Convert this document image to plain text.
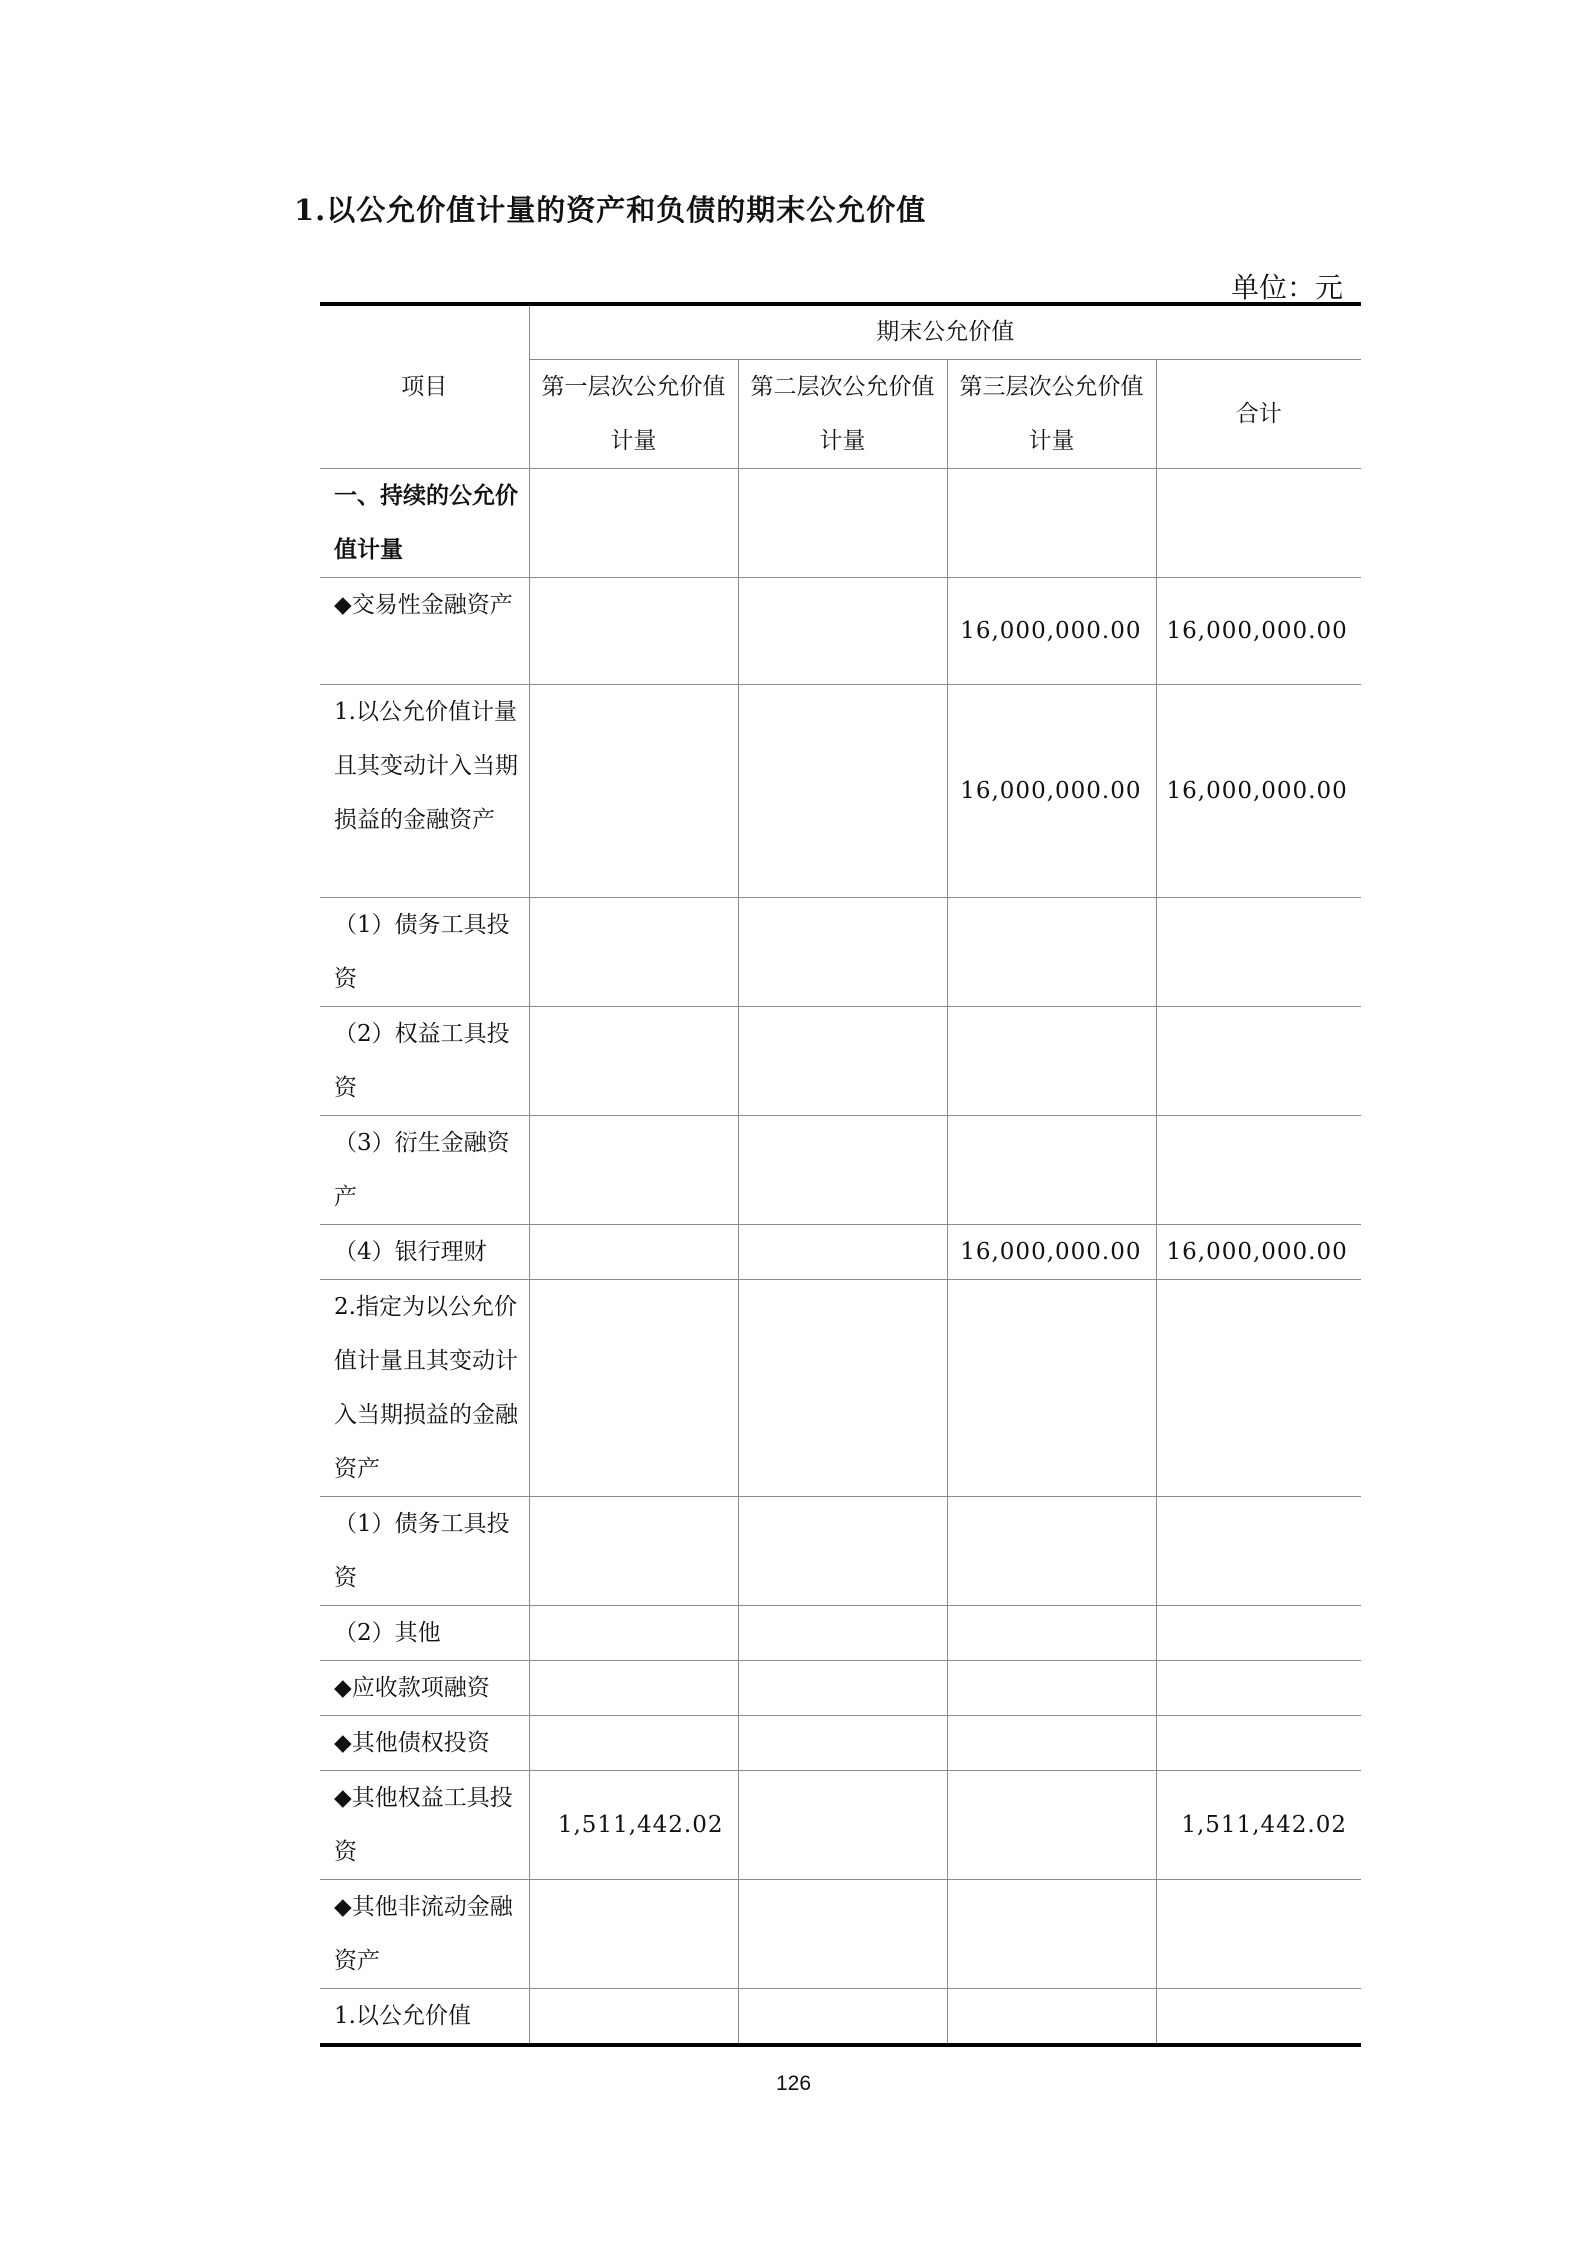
1.以公允价值计量的资产和负债的期末公允价值
单位：元
项目	期末公允价值			
	第一层次公允价值计量	第二层次公允价值计量	第三层次公允价值计量	合计
一、持续的公允价值计量				
◆交易性金融资产			16,000,000.00	16,000,000.00
1.以公允价值计量且其变动计入当期损益的金融资产			16,000,000.00	16,000,000.00
（1）债务工具投资				
（2）权益工具投资				
（3）衍生金融资产				
（4）银行理财			16,000,000.00	16,000,000.00
2.指定为以公允价值计量且其变动计入当期损益的金融资产				
（1）债务工具投资				
（2）其他				
◆应收款项融资				
◆其他债权投资				
◆其他权益工具投资	1,511,442.02			1,511,442.02
◆其他非流动金融资产				
1.以公允价值				
126
